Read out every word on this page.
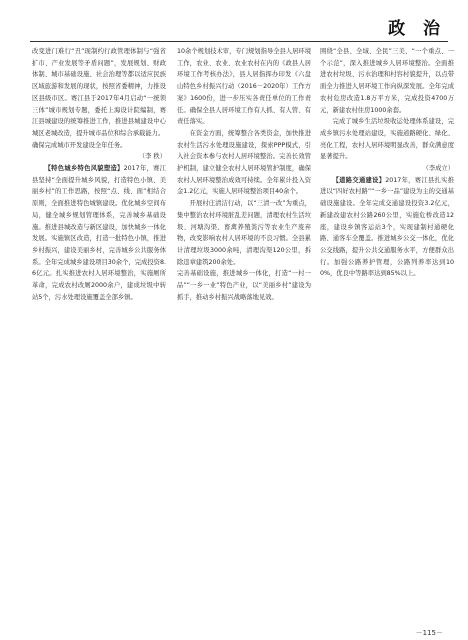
政 治

改变进门难行“丑”现制约行政管理体制与“强省扩市、产业发展等矛盾问题”，发展规划、财政体制、城市基础设施、社会治理等都以适应民族区域旅游和发展的现状，按照省委精神，力推设区县级市区。赛江县于2017年4月启动“一统领三体”城市规划专题，委托上海设计院编制，赛江县城建设的统筹推进工作，推进县城建设中心城区老城改造，提升城市品位和综合承载能力。

确保完成城市开发建设全年任务。

（李 秩）

【特色城乡特色风貌塑造】2017年，赛江县坚持“全面提升城乡风貌，打造特色小镇、美丽乡村”的工作思路，按照“点、线、面”相结合原则，全面推进特色城镇建设。优化城乡空间布局，健全城乡规划管理体系，完善城乡基础设施。推进县城改造与新区建设，加快城乡一体化发展。实施镇区改造，打造一批特色小镇，推进乡村振兴，建设美丽乡村，完善城乡公共服务体系。全年完成城乡建设项目30余个，完成投资8.6亿元。扎实推进农村人居环境整治，实施厕所革命，完成农村改厕2000余户，建成垃圾中转站5个，污水处理设施覆盖全部乡镇。

10余个规划技术审，专门规划指导全县人居环境工作，农业、农业、农业农村在内的《政县人居环境工作考核办法》，县人居指挥办印发《六盘山特色乡村振兴行动（2016－2020年）工作方案》1600份，进一步压实各责任单位的工作责任。确保全县人居环境工作有人抓、有人管、有责任落实。

在资金方面，统筹整合各类资金，加快推进农村生活污水处理设施建设，探索PPP模式，引入社会资本参与农村人居环境整治。完善长效管护机制，建立健全农村人居环境管护制度，确保农村人居环境整治成效可持续。全年累计投入资金1.2亿元，实施人居环境整治项目40余个。

开展村庄清洁行动，以“三清一改”为重点，集中整治农村环境脏乱差问题，清理农村生活垃圾、河塘沟渠、畜禽养殖粪污等农业生产废弃物，改变影响农村人居环境的不良习惯。全县累计清理垃圾3000余吨，清理沟渠120公里，拆除违章建筑200余处。

完善基础设施，推进城乡一体化，打造“一村一品”“一乡一业”特色产业，以“美丽乡村”建设为抓手，推动乡村振兴战略落地见效。

围绕“全县、全域、全民”三美、“一个重点、一个示范”，深入推进城乡人居环境整治。全面推进农村垃圾、污水治理和村容村貌提升，以点带面全力推进人居环境工作向纵深发展。全年完成农村危房改造1.8万平方米，完成投资4700万元，新建农村住房1000余套。

完成了城乡生活垃圾收运处理体系建设，完成乡镇污水处理站建设，实施道路硬化、绿化、亮化工程，农村人居环境明显改善，群众满意度显著提升。

（李成立）

【道路交通建设】2017年，赛江县扎实推进以“四好农村路”“一乡一品”建设为主的交通基础设施建设。全年完成交通建设投资3.2亿元，新建改建农村公路260公里，实施危桥改造12座，建设乡镇客运站3个，实现建制村通硬化路、通客车全覆盖。推进城乡公交一体化，优化公交线路，提升公共交通服务水平，方便群众出行。加强公路养护管理，公路列养率达到100%，优良中等路率达到85%以上。

－115－
